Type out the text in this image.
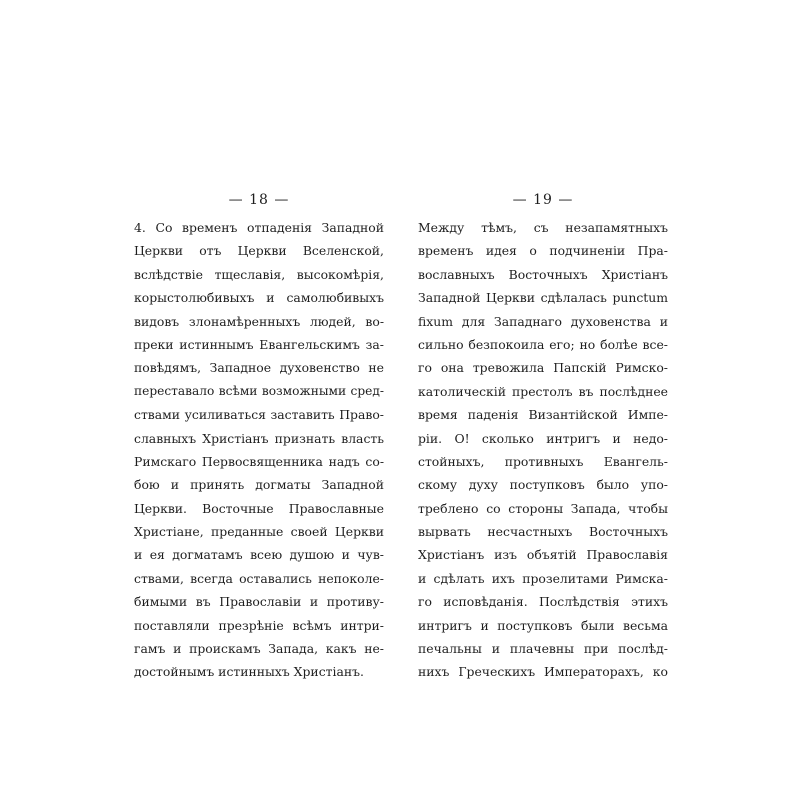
— 18 —
4. Со временъ отпаденія Западной
Церкви отъ Церкви Вселенской,
вслѣдствіе тщеславія, высокомѣрія,
корыстолюбивыхъ и самолюбивыхъ
видовъ злонамѣренныхъ людей, во-
преки истиннымъ Евангельскимъ за-
повѣдямъ, Западное духовенство не
переставало всѣми возможными сред-
ствами усиливаться заставить Право-
славныхъ Христіанъ признать власть
Римскаго Первосвященника надъ со-
бою и принять догматы Западной
Церкви. Восточные Православные
Христіане, преданные своей Церкви
и ея догматамъ всею душою и чув-
ствами, всегда оставались непоколе-
бимыми въ Православіи и противу-
поставляли презрѣніе всѣмъ интри-
гамъ и проискамъ Запада, какъ не-
достойнымъ истинныхъ Христіанъ.
— 19 —
Между тѣмъ, съ незапамятныхъ
временъ идея о подчиненіи Пра-
вославныхъ Восточныхъ Христіанъ
Западной Церкви сдѣлалась punctum
fixum для Западнаго духовенства и
сильно безпокоила его; но болѣе все-
го она тревожила Папскій Римско-
католическій престолъ въ послѣднее
время паденія Византійской Импе-
ріи. О! сколько интригъ и недо-
стойныхъ, противныхъ Евангель-
скому духу поступковъ было упо-
треблено со стороны Запада, чтобы
вырвать несчастныхъ Восточныхъ
Христіанъ изъ объятій Православія
и сдѣлать ихъ прозелитами Римска-
го исповѣданія. Послѣдствія этихъ
интригъ и поступковъ были весьма
печальны и плачевны при послѣд-
нихъ Греческихъ Императорахъ, ко
